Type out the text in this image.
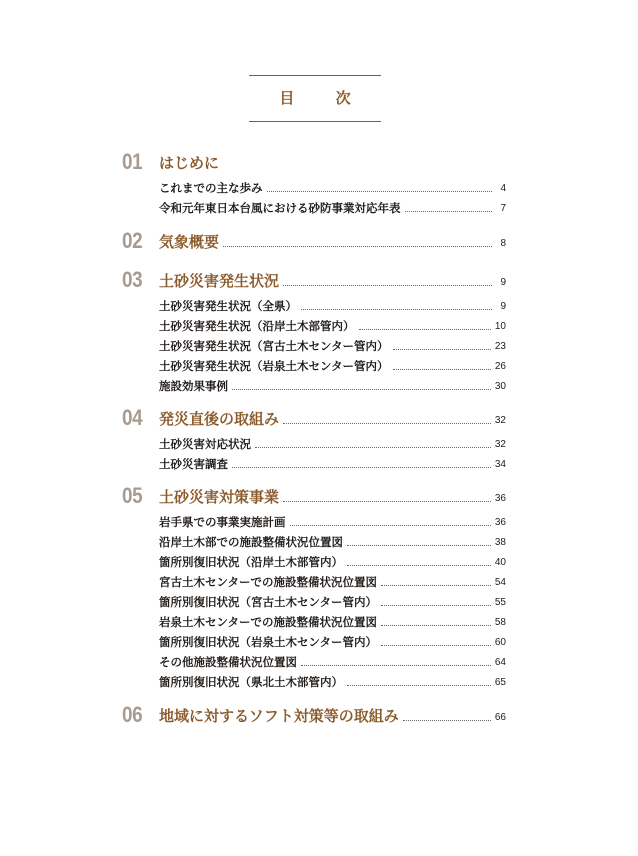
目 次
01	はじめに
これまでの主な歩み	4
令和元年東日本台風における砂防事業対応年表	7
02	気象概要	8
03	土砂災害発生状況	9
土砂災害発生状況（全県）	9
土砂災害発生状況（沿岸土木部管内）	10
土砂災害発生状況（宮古土木センター管内）	23
土砂災害発生状況（岩泉土木センター管内）	26
施設効果事例	30
04	発災直後の取組み	32
土砂災害対応状況	32
土砂災害調査	34
05	土砂災害対策事業	36
岩手県での事業実施計画	36
沿岸土木部での施設整備状況位置図	38
箇所別復旧状況（沿岸土木部管内）	40
宮古土木センターでの施設整備状況位置図	54
箇所別復旧状況（宮古土木センター管内）	55
岩泉土木センターでの施設整備状況位置図	58
箇所別復旧状況（岩泉土木センター管内）	60
その他施設整備状況位置図	64
箇所別復旧状況（県北土木部管内）	65
06	地域に対するソフト対策等の取組み	66
